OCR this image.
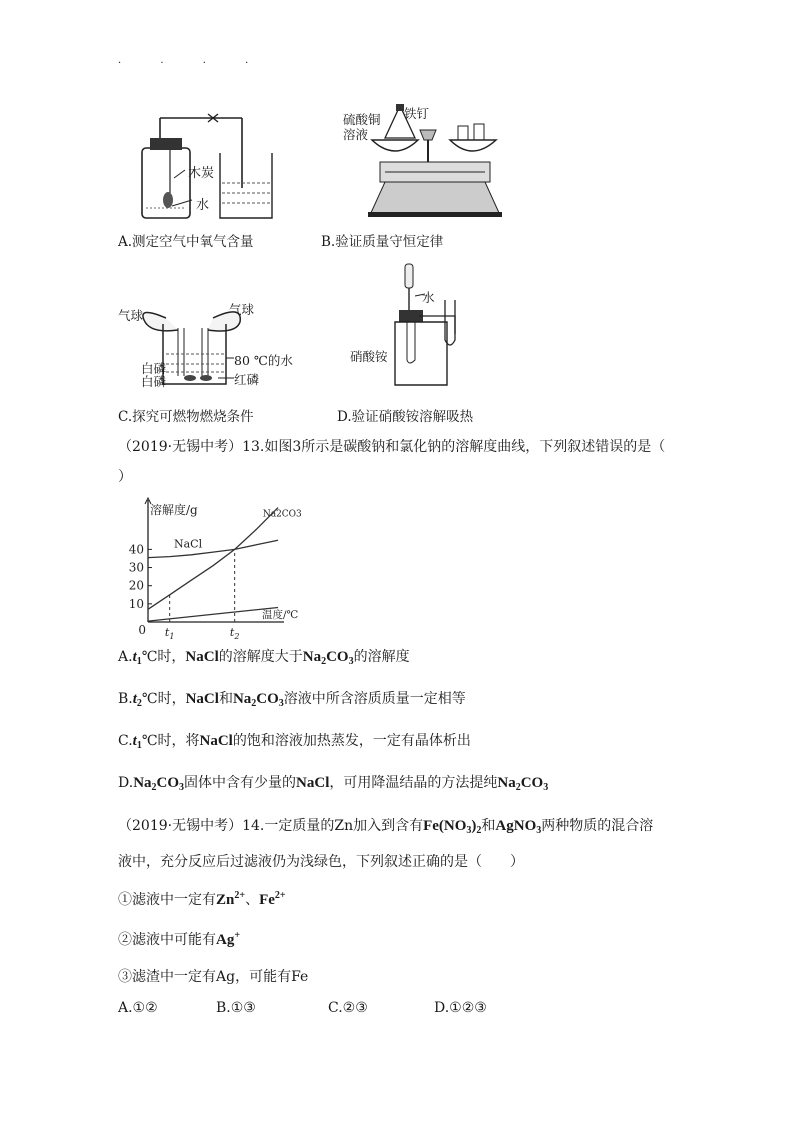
· · · ·
木炭
水
A.测定空气中氧气含量
硫酸铜
溶液
铁钉
B.验证质量守恒定律
气球	气球
80 ℃的水
白磷
白磷	红磷
C.探究可燃物燃烧条件
水
硝酸铵
D.验证硝酸铵溶解吸热
（2019·无锡中考）13.如图3所示是碳酸钠和氯化钠的溶解度曲线，下列叙述错误的是（
）
40
30
20
10
0 $t_1$	$t_2$
溶解度/g
温度/℃
NaCl
Na2CO3
$A.t_1℃$时，NaCl的溶解度大于$Na_2CO_3$的溶解度
$B.t_2℃$时，NaCl和$Na_2CO_3$溶液中所含溶质质量一定相等
$C.t_1℃$时，将NaCl的饱和溶液加热蒸发，一定有晶体析出
$D.Na_2CO_3$固体中含有少量的NaCl，可用降温结晶的方法提纯$Na_2CO_3$
（2019·无锡中考）14.一定质量的Zn加入到含有$Fe(NO_3)_2$和AgNO$_3$两种物质的混合溶
液中，充分反应后过滤液仍为浅绿色，下列叙述正确的是（　　）
①滤液中一定有$Zn^{2+}$、$Fe^{2+}$
②滤液中可能有Ag+
③滤渣中一定有Ag，可能有Fe
A.①②	B.①③	C.②③	D.①②③
